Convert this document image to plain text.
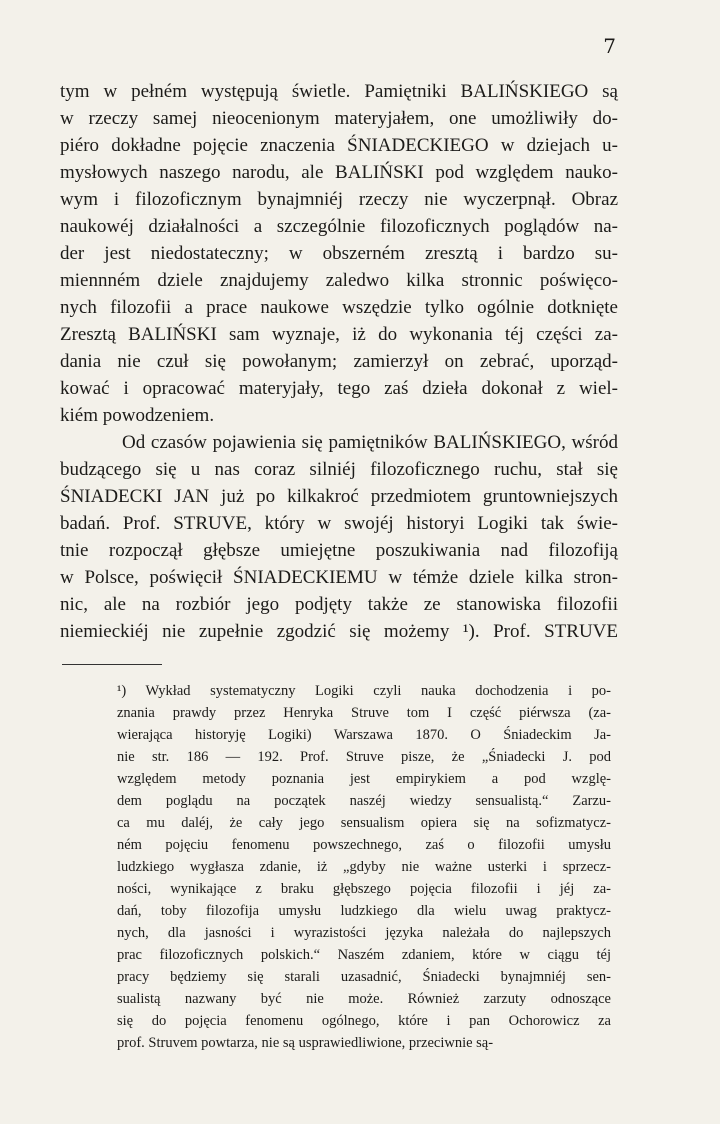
7
tym w pełném występują świetle. Pamiętniki BALIŃSKIEGO są
w rzeczy samej nieocenionym materyjałem, one umożliwiły do-
piéro dokładne pojęcie znaczenia ŚNIADECKIEGO w dziejach u-
mysłowych naszego narodu, ale BALIŃSKI pod względem nauko-
wym i filozoficznym bynajmniéj rzeczy nie wyczerpnął. Obraz
naukowéj działalności a szczególnie filozoficznych poglądów na-
der jest niedostateczny; w obszerném zresztą i bardzo su-
miennném dziele znajdujemy zaledwo kilka stronnic poświęco-
nych filozofii a prace naukowe wszędzie tylko ogólnie dotknięte
Zresztą BALIŃSKI sam wyznaje, iż do wykonania téj części za-
dania nie czuł się powołanym; zamierzył on zebrać, uporząd-
kować i opracować materyjały, tego zaś dzieła dokonał z wiel-
kiém powodzeniem.
Od czasów pojawienia się pamiętników BALIŃSKIEGO, wśród
budzącego się u nas coraz silniéj filozoficznego ruchu, stał się
ŚNIADECKI JAN już po kilkakroć przedmiotem gruntowniejszych
badań. Prof. STRUVE, który w swojéj historyi Logiki tak świe-
tnie rozpoczął głębsze umiejętne poszukiwania nad filozofiją
w Polsce, poświęcił ŚNIADECKIEMU w témże dziele kilka stron-
nic, ale na rozbiór jego podjęty także ze stanowiska filozofii
niemieckiéj nie zupełnie zgodzić się możemy ¹). Prof. STRUVE
¹) Wykład systematyczny Logiki czyli nauka dochodzenia i po-
znania prawdy przez Henryka Struve tom I część piérwsza (za-
wierająca historyję Logiki) Warszawa 1870. O Śniadeckim Ja-
nie str. 186 — 192. Prof. Struve pisze, że „Śniadecki J. pod
względem metody poznania jest empirykiem a pod wzglę-
dem poglądu na początek naszéj wiedzy sensualistą.“ Zarzu-
ca mu daléj, że cały jego sensualism opiera się na sofizmatycz-
ném pojęciu fenomenu powszechnego, zaś o filozofii umysłu
ludzkiego wygłasza zdanie, iż „gdyby nie ważne usterki i sprzecz-
ności, wynikające z braku głębszego pojęcia filozofii i jéj za-
dań, toby filozofija umysłu ludzkiego dla wielu uwag praktycz-
nych, dla jasności i wyrazistości języka należała do najlepszych
prac filozoficznych polskich.“ Naszém zdaniem, które w ciągu téj
pracy będziemy się starali uzasadnić, Śniadecki bynajmniéj sen-
sualistą nazwany być nie może. Również zarzuty odnoszące
się do pojęcia fenomenu ogólnego, które i pan Ochorowicz za
prof. Struvem powtarza, nie są usprawiedliwione, przeciwnie są-
